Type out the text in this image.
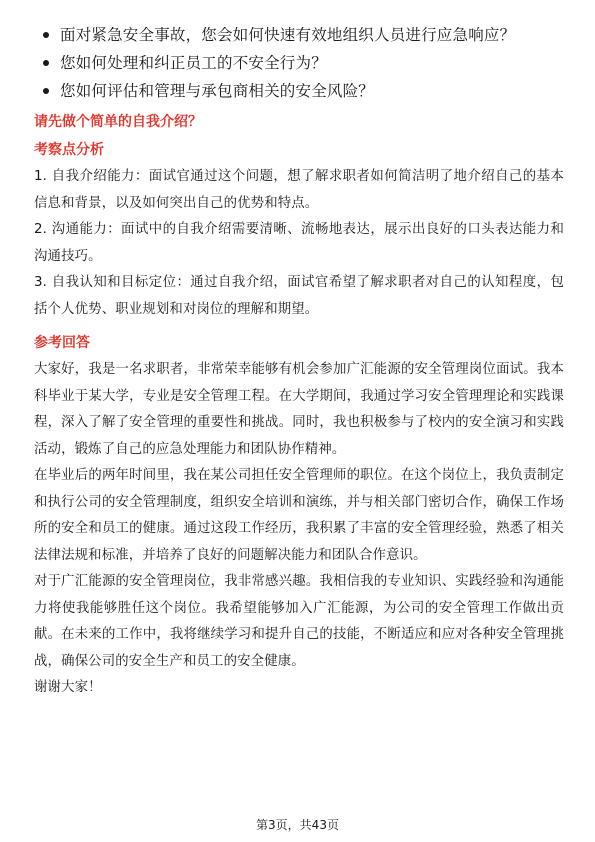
面对紧急安全事故，您会如何快速有效地组织人员进行应急响应？
您如何处理和纠正员工的不安全行为？
您如何评估和管理与承包商相关的安全风险？
请先做个简单的自我介绍？
考察点分析

1. 自我介绍能力：面试官通过这个问题，想了解求职者如何简洁明了地介绍自己的基本信息和背景，以及如何突出自己的优势和特点。

2. 沟通能力：面试中的自我介绍需要清晰、流畅地表达，展示出良好的口头表达能力和沟通技巧。

3. 自我认知和目标定位：通过自我介绍，面试官希望了解求职者对自己的认知程度，包括个人优势、职业规划和对岗位的理解和期望。

参考回答

大家好，我是一名求职者，非常荣幸能够有机会参加广汇能源的安全管理岗位面试。我本科毕业于某大学，专业是安全管理工程。在大学期间，我通过学习安全管理理论和实践课程，深入了解了安全管理的重要性和挑战。同时，我也积极参与了校内的安全演习和实践活动，锻炼了自己的应急处理能力和团队协作精神。

在毕业后的两年时间里，我在某公司担任安全管理师的职位。在这个岗位上，我负责制定和执行公司的安全管理制度，组织安全培训和演练，并与相关部门密切合作，确保工作场所的安全和员工的健康。通过这段工作经历，我积累了丰富的安全管理经验，熟悉了相关法律法规和标准，并培养了良好的问题解决能力和团队合作意识。

对于广汇能源的安全管理岗位，我非常感兴趣。我相信我的专业知识、实践经验和沟通能力将使我能够胜任这个岗位。我希望能够加入广汇能源，为公司的安全管理工作做出贡献。在未来的工作中，我将继续学习和提升自己的技能，不断适应和应对各种安全管理挑战，确保公司的安全生产和员工的安全健康。

谢谢大家！

第3页，共43页
